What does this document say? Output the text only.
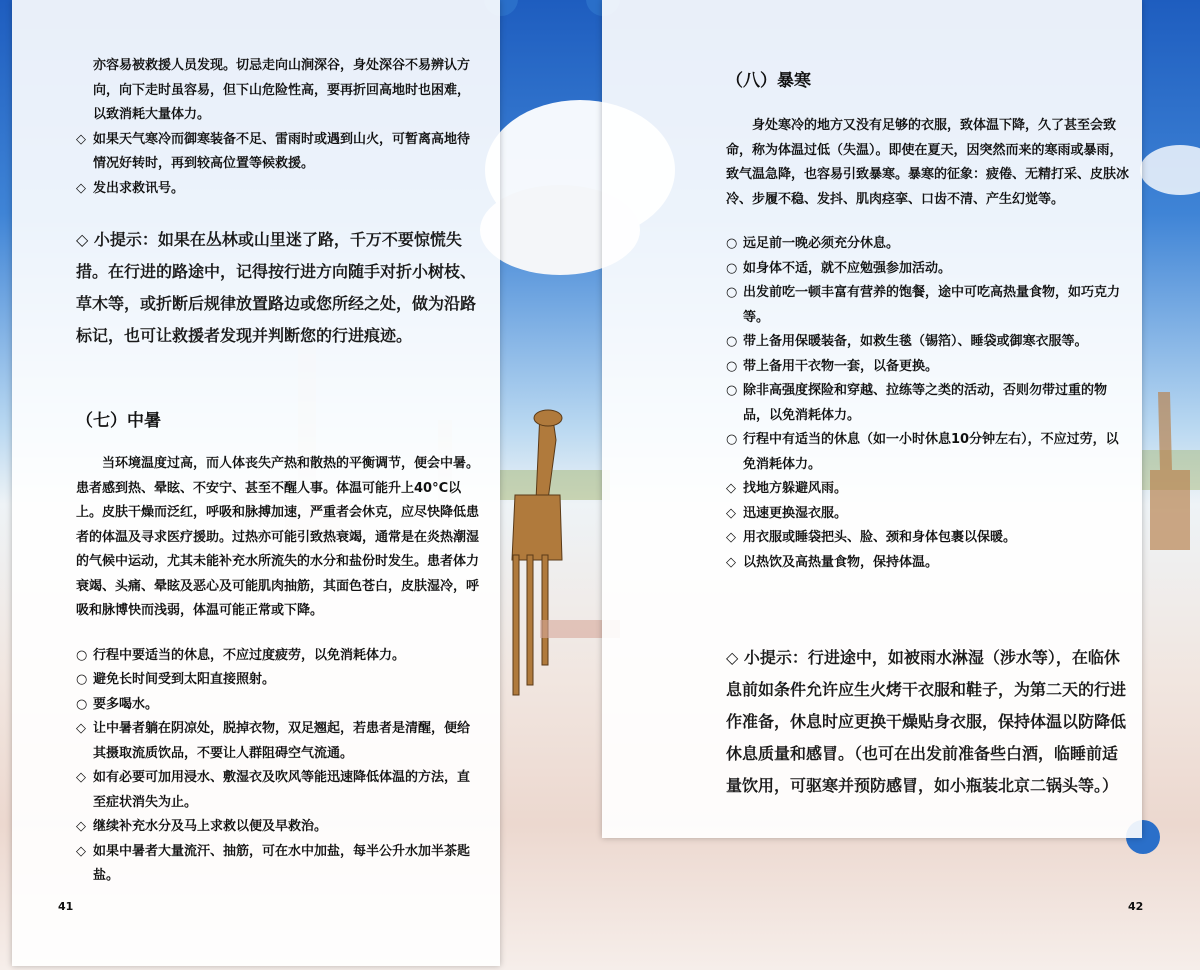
亦容易被救援人员发现。切忌走向山涧深谷，身处深谷不易辨认方向，向下走时虽容易，但下山危险性高，要再折回高地时也困难，以致消耗大量体力。

◇ 如果天气寒冷而御寒装备不足、雷雨时或遇到山火，可暂离高地待情况好转时，再到较高位置等候救援。
◇ 发出求救讯号。
◇ 小提示：如果在丛林或山里迷了路，千万不要惊慌失措。在行进的路途中，记得按行进方向随手对折小树枝、草木等，或折断后规律放置路边或您所经之处，做为沿路标记，也可让救援者发现并判断您的行进痕迹。
（七）中暑

当环境温度过高，而人体丧失产热和散热的平衡调节，便会中暑。患者感到热、晕眩、不安宁、甚至不醒人事。体温可能升上40°C以上。皮肤干燥而泛红，呼吸和脉搏加速，严重者会休克，应尽快降低患者的体温及寻求医疗援助。过热亦可能引致热衰竭，通常是在炎热潮湿的气候中运动，尤其未能补充水所流失的水分和盐份时发生。患者体力衰竭、头痛、晕眩及恶心及可能肌肉抽筋，其面色苍白，皮肤湿冷，呼吸和脉博快而浅弱，体温可能正常或下降。

○ 行程中要适当的休息，不应过度疲劳，以免消耗体力。
○ 避免长时间受到太阳直接照射。
○ 要多喝水。
◇ 让中暑者躺在阴凉处，脱掉衣物，双足翘起，若患者是清醒，便给其摄取流质饮品，不要让人群阻碍空气流通。
◇ 如有必要可加用浸水、敷湿衣及吹风等能迅速降低体温的方法，直至症状消失为止。
◇ 继续补充水分及马上求救以便及早救治。
◇ 如果中暑者大量流汗、抽筋，可在水中加盐，每半公升水加半茶匙盐。
41
（八）暴寒

身处寒冷的地方又没有足够的衣服，致体温下降，久了甚至会致命，称为体温过低（失温）。即使在夏天，因突然而来的寒雨或暴雨，致气温急降，也容易引致暴寒。暴寒的征象：疲倦、无精打采、皮肤冰冷、步履不稳、发抖、肌肉痉挛、口齿不清、产生幻觉等。

○ 远足前一晚必须充分休息。
○ 如身体不适，就不应勉强参加活动。
○ 出发前吃一顿丰富有营养的饱餐，途中可吃高热量食物，如巧克力等。
○ 带上备用保暖装备，如救生毯（锡箔）、睡袋或御寒衣服等。
○ 带上备用干衣物一套，以备更换。
○ 除非高强度探险和穿越、拉练等之类的活动，否则勿带过重的物品，以免消耗体力。
○ 行程中有适当的休息（如一小时休息10分钟左右），不应过劳，以免消耗体力。
◇ 找地方躲避风雨。
◇ 迅速更换湿衣服。
◇ 用衣服或睡袋把头、脸、颈和身体包裹以保暖。
◇ 以热饮及高热量食物，保持体温。
◇ 小提示：行进途中，如被雨水淋湿（涉水等），在临休息前如条件允许应生火烤干衣服和鞋子，为第二天的行进作准备，休息时应更换干燥贴身衣服，保持体温以防降低休息质量和感冒。（也可在出发前准备些白酒，临睡前适量饮用，可驱寒并预防感冒，如小瓶装北京二锅头等。）
42
